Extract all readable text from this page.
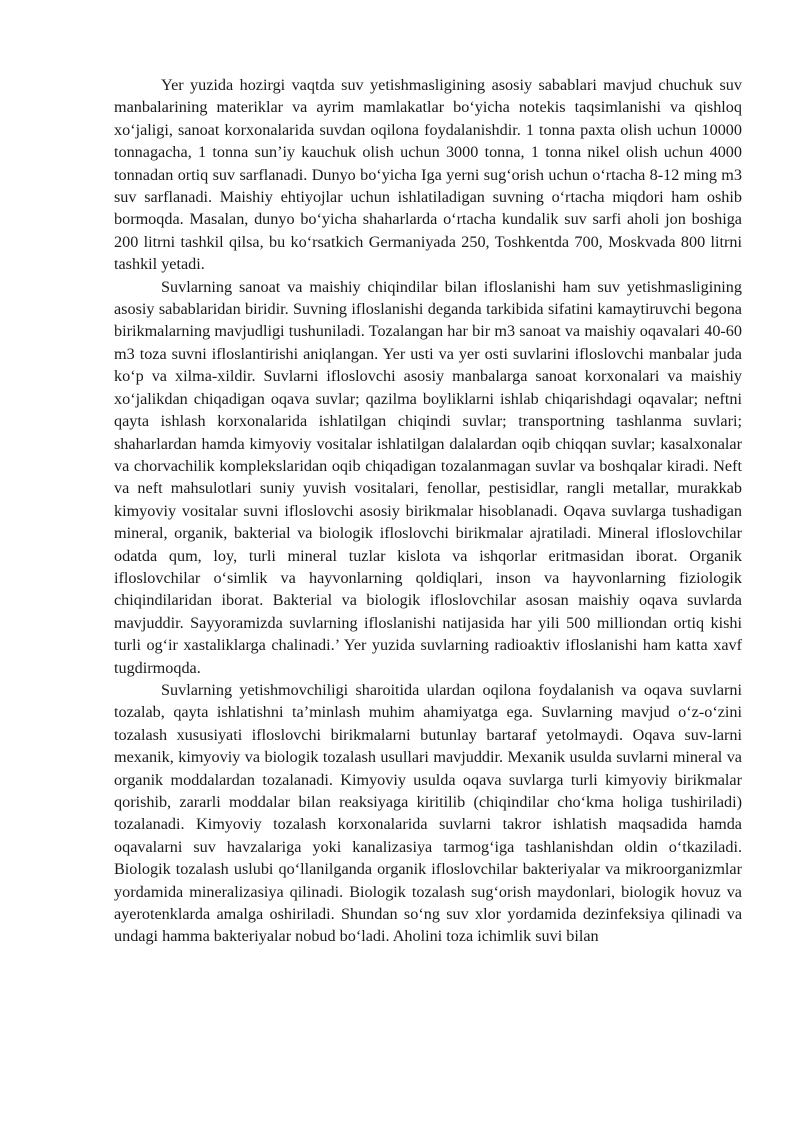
Yer yuzida hozirgi vaqtda suv yetishmasligining asosiy sabablari mavjud chuchuk suv manbalarining materiklar va ayrim mamlakatlar bo‘yicha notekis taqsimlanishi va qishloq xo‘jaligi, sanoat korxonalarida suvdan oqilona foydalanishdir. 1 tonna paxta olish uchun 10000 tonnagacha, 1 tonna sun’iy kauchuk olish uchun 3000 tonna, 1 tonna nikel olish uchun 4000 tonnadan ortiq suv sarflanadi. Dunyo bo‘yicha Iga yerni sug‘orish uchun o‘rtacha 8-12 ming m3 suv sarflanadi. Maishiy ehtiyojlar uchun ishlatiladigan suvning o‘rtacha miqdori ham oshib bormoqda. Masalan, dunyo bo‘yicha shaharlarda o‘rtacha kundalik suv sarfi aholi jon boshiga 200 litrni tashkil qilsa, bu ko‘rsatkich Germaniyada 250, Toshkentda 700, Moskvada 800 litrni tashkil yetadi.

Suvlarning sanoat va maishiy chiqindilar bilan ifloslanishi ham suv yetishmasligining asosiy sabablaridan biridir. Suvning ifloslanishi deganda tarkibida sifatini kamaytiruvchi begona birikmalarning mavjudligi tushuniladi. Tozalangan har bir m3 sanoat va maishiy oqavalari 40-60 m3 toza suvni ifloslantirishi aniqlangan. Yer usti va yer osti suvlarini ifloslovchi manbalar juda ko‘p va xilma-xildir. Suvlarni ifloslovchi asosiy manbalarga sanoat korxonalari va maishiy xo‘jalikdan chiqadigan oqava suvlar; qazilma boyliklarni ishlab chiqarishdagi oqavalar; neftni qayta ishlash korxonalarida ishlatilgan chiqindi suvlar; transportning tashlanma suvlari; shaharlardan hamda kimyoviy vositalar ishlatilgan dalalardan oqib chiqqan suvlar; kasalxonalar va chorvachilik komplekslaridan oqib chiqadigan tozalanmagan suvlar va boshqalar kiradi. Neft va neft mahsulotlari suniy yuvish vositalari, fenollar, pestisidlar, rangli metallar, murakkab kimyoviy vositalar suvni ifloslovchi asosiy birikmalar hisoblanadi. Oqava suvlarga tushadigan mineral, organik, bakterial va biologik ifloslovchi birikmalar ajratiladi. Mineral ifloslovchilar odatda qum, loy, turli mineral tuzlar kislota va ishqorlar eritmasidan iborat. Organik ifloslovchilar o‘simlik va hayvonlarning qoldiqlari, inson va hayvonlarning fiziologik chiqindilaridan iborat. Bakterial va biologik ifloslovchilar asosan maishiy oqava suvlarda mavjuddir. Sayyoramizda suvlarning ifloslanishi natijasida har yili 500 milliondan ortiq kishi turli og‘ir xastaliklarga chalinadi.’ Yer yuzida suvlarning radioaktiv ifloslanishi ham katta xavf tugdirmoqda.

Suvlarning yetishmovchiligi sharoitida ulardan oqilona foydalanish va oqava suvlarni tozalab, qayta ishlatishni ta’minlash muhim ahamiyatga ega. Suvlarning mavjud o‘z-o‘zini tozalash xususiyati ifloslovchi birikmalarni butunlay bartaraf yetolmaydi. Oqava suv-larni mexanik, kimyoviy va biologik tozalash usullari mavjuddir. Mexanik usulda suvlarni mineral va organik moddalardan tozalanadi. Kimyoviy usulda oqava suvlarga turli kimyoviy birikmalar qorishib, zararli moddalar bilan reaksiyaga kiritilib (chiqindilar cho‘kma holiga tushiriladi) tozalanadi. Kimyoviy tozalash korxonalarida suvlarni takror ishlatish maqsadida hamda oqavalarni suv havzalariga yoki kanalizasiya tarmog‘iga tashlanishdan oldin o‘tkaziladi. Biologik tozalash uslubi qo‘llanilganda organik ifloslovchilar bakteriyalar va mikroorganizmlar yordamida mineralizasiya qilinadi. Biologik tozalash sug‘orish maydonlari, biologik hovuz va ayerotenklarda amalga oshiriladi. Shundan so‘ng suv xlor yordamida dezinfeksiya qilinadi va undagi hamma bakteriyalar nobud bo‘ladi. Aholini toza ichimlik suvi bilan
